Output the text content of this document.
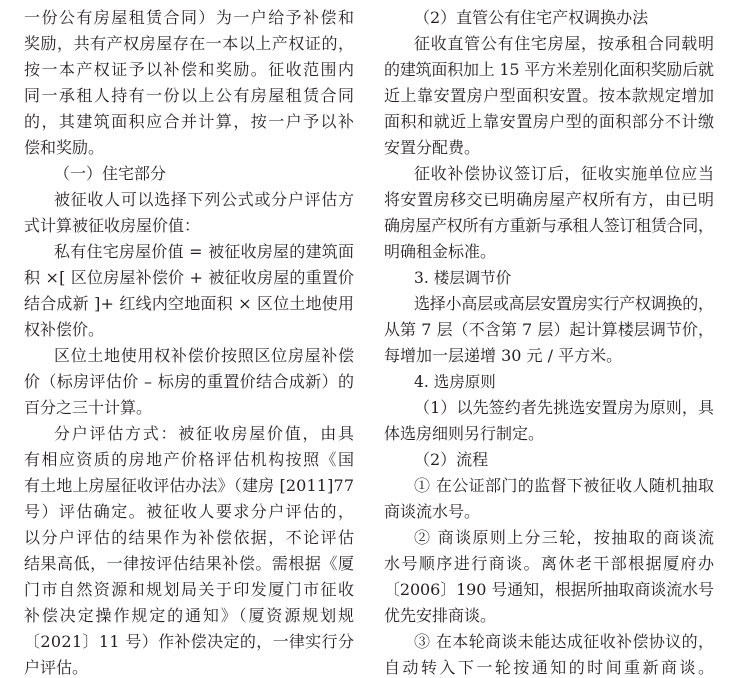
一份公有房屋租赁合同）为一户给予补偿和
奖励，共有产权房屋存在一本以上产权证的，
按一本产权证予以补偿和奖励。征收范围内
同一承租人持有一份以上公有房屋租赁合同
的，其建筑面积应合并计算，按一户予以补
偿和奖励。
（一）住宅部分
被征收人可以选择下列公式或分户评估方
式计算被征收房屋价值：
私有住宅房屋价值 = 被征收房屋的建筑面
积 ×[ 区位房屋补偿价 + 被征收房屋的重置价
结合成新 ]+ 红线内空地面积 × 区位土地使用
权补偿价。
区位土地使用权补偿价按照区位房屋补偿
价（标房评估价 – 标房的重置价结合成新）的
百分之三十计算。
分户评估方式：被征收房屋价值，由具
有相应资质的房地产价格评估机构按照《国
有土地上房屋征收评估办法》（建房 [2011]77
号）评估确定。被征收人要求分户评估的，
以分户评估的结果作为补偿依据，不论评估
结果高低，一律按评估结果补偿。需根据《厦
门市自然资源和规划局关于印发厦门市征收
补偿决定操作规定的通知》（厦资源规划规
〔2021〕11 号）作补偿决定的，一律实行分
户评估。
（2）直管公有住宅产权调换办法
征收直管公有住宅房屋，按承租合同载明
的建筑面积加上 15 平方米差别化面积奖励后就
近上靠安置房户型面积安置。按本款规定增加
面积和就近上靠安置房户型的面积部分不计缴
安置分配费。
征收补偿协议签订后，征收实施单位应当
将安置房移交已明确房屋产权所有方，由已明
确房屋产权所有方重新与承租人签订租赁合同，
明确租金标准。
3. 楼层调节价
选择小高层或高层安置房实行产权调换的，
从第 7 层（不含第 7 层）起计算楼层调节价，
每增加一层递增 30 元 / 平方米。
4. 选房原则
（1）以先签约者先挑选安置房为原则，具
体选房细则另行制定。
（2）流程
① 在公证部门的监督下被征收人随机抽取
商谈流水号。
② 商谈原则上分三轮，按抽取的商谈流
水号顺序进行商谈。离休老干部根据厦府办
〔2006〕190 号通知，根据所抽取商谈流水号
优先安排商谈。
③ 在本轮商谈未能达成征收补偿协议的，
自动转入下一轮按通知的时间重新商谈。
